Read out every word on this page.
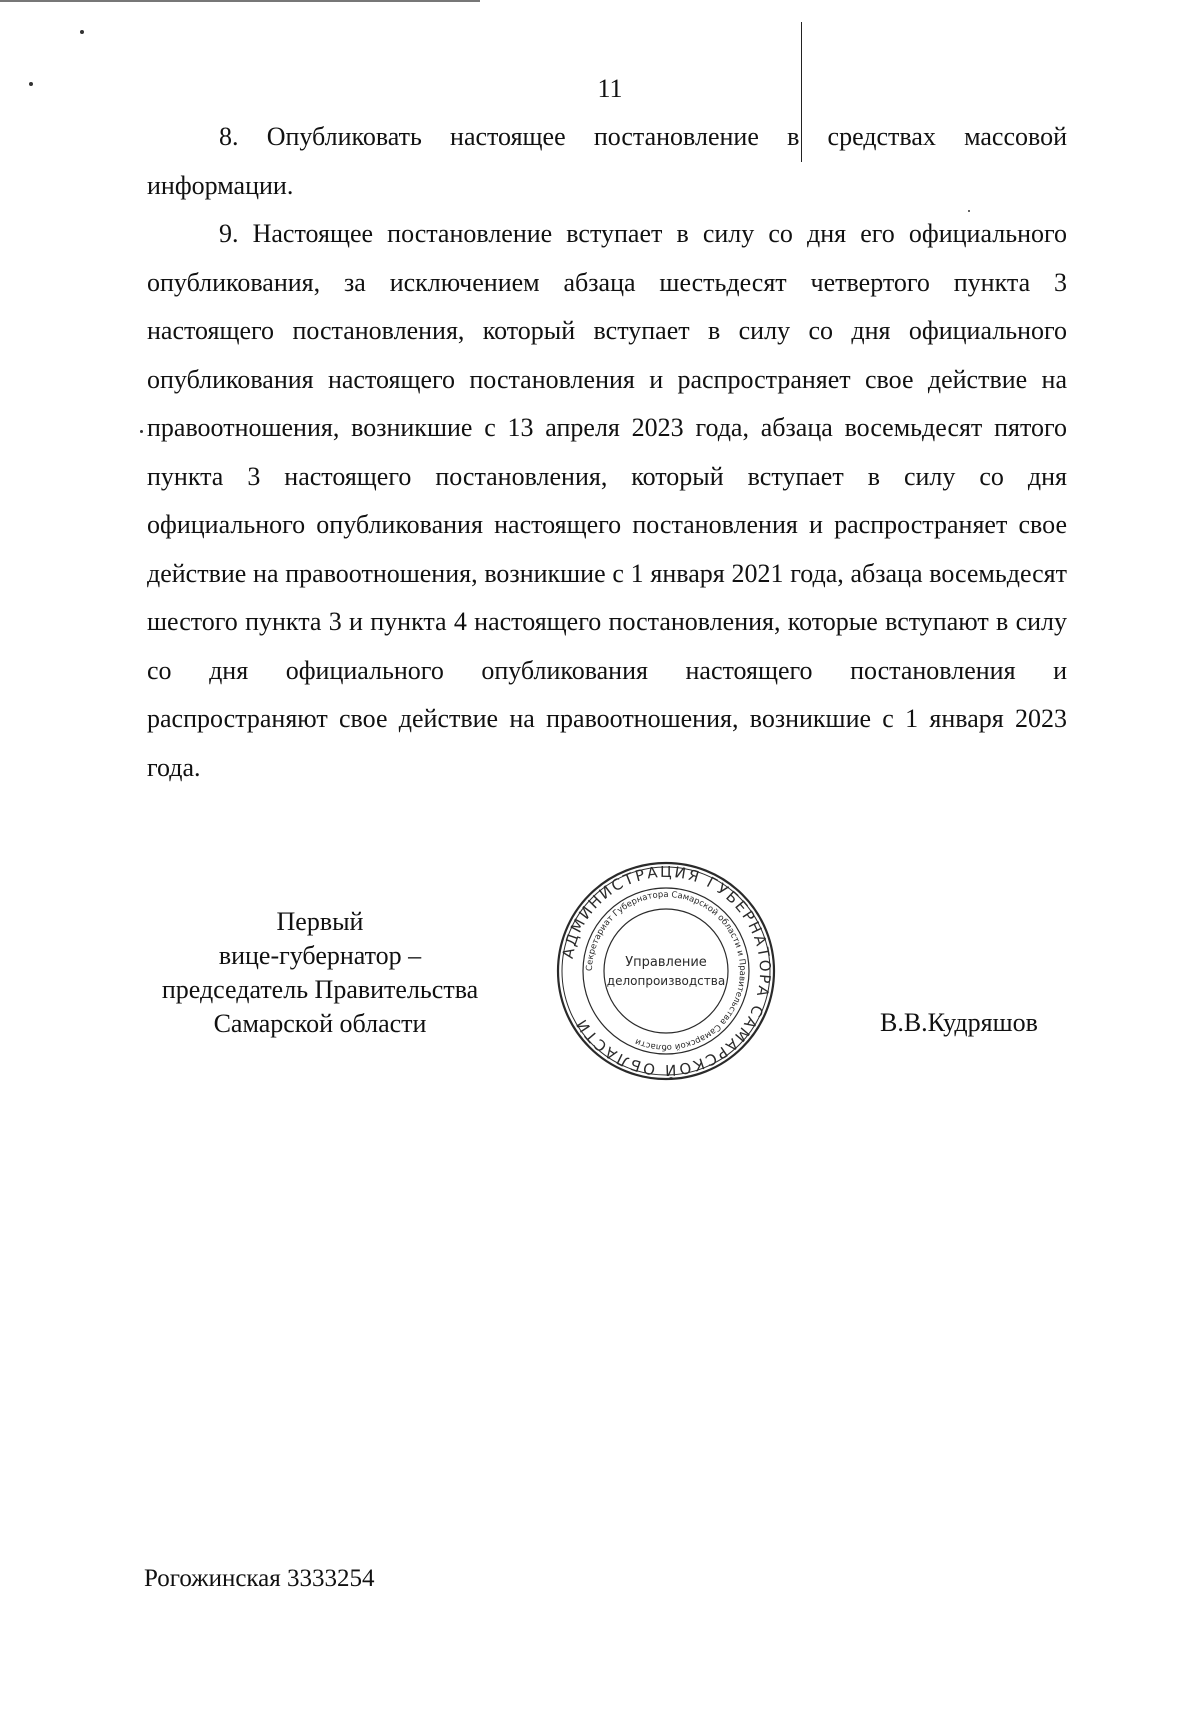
11

8. Опубликовать настоящее постановление в средствах массовой информации.

9. Настоящее постановление вступает в силу со дня его официального опубликования, за исключением абзаца шестьдесят четвертого пункта 3 настоящего постановления, который вступает в силу со дня официального опубликования настоящего постановления и распространяет свое действие на правоотношения, возникшие с 13 апреля 2023 года, абзаца восемьдесят пятого пункта 3 настоящего постановления, который вступает в силу со дня официального опубликования настоящего постановления и распространяет свое действие на правоотношения, возникшие с 1 января 2021 года, абзаца восемьдесят шестого пункта 3 и пункта 4 настоящего постановления, которые вступают в силу со дня официального опубликования настоящего постановления и распространяют свое действие на правоотношения, возникшие с 1 января 2023 года.

Первый
вице-губернатор –
председатель Правительства
Самарской области
АДМИНИСТРАЦИЯ ГУБЕРНАТОРА САМАРСКОЙ ОБЛАСТИ
Секретариат Губернатора Самарской области и Правительства Самарской области
Управление
делопроизводства
В.В.Кудряшов
Рогожинская 3333254
